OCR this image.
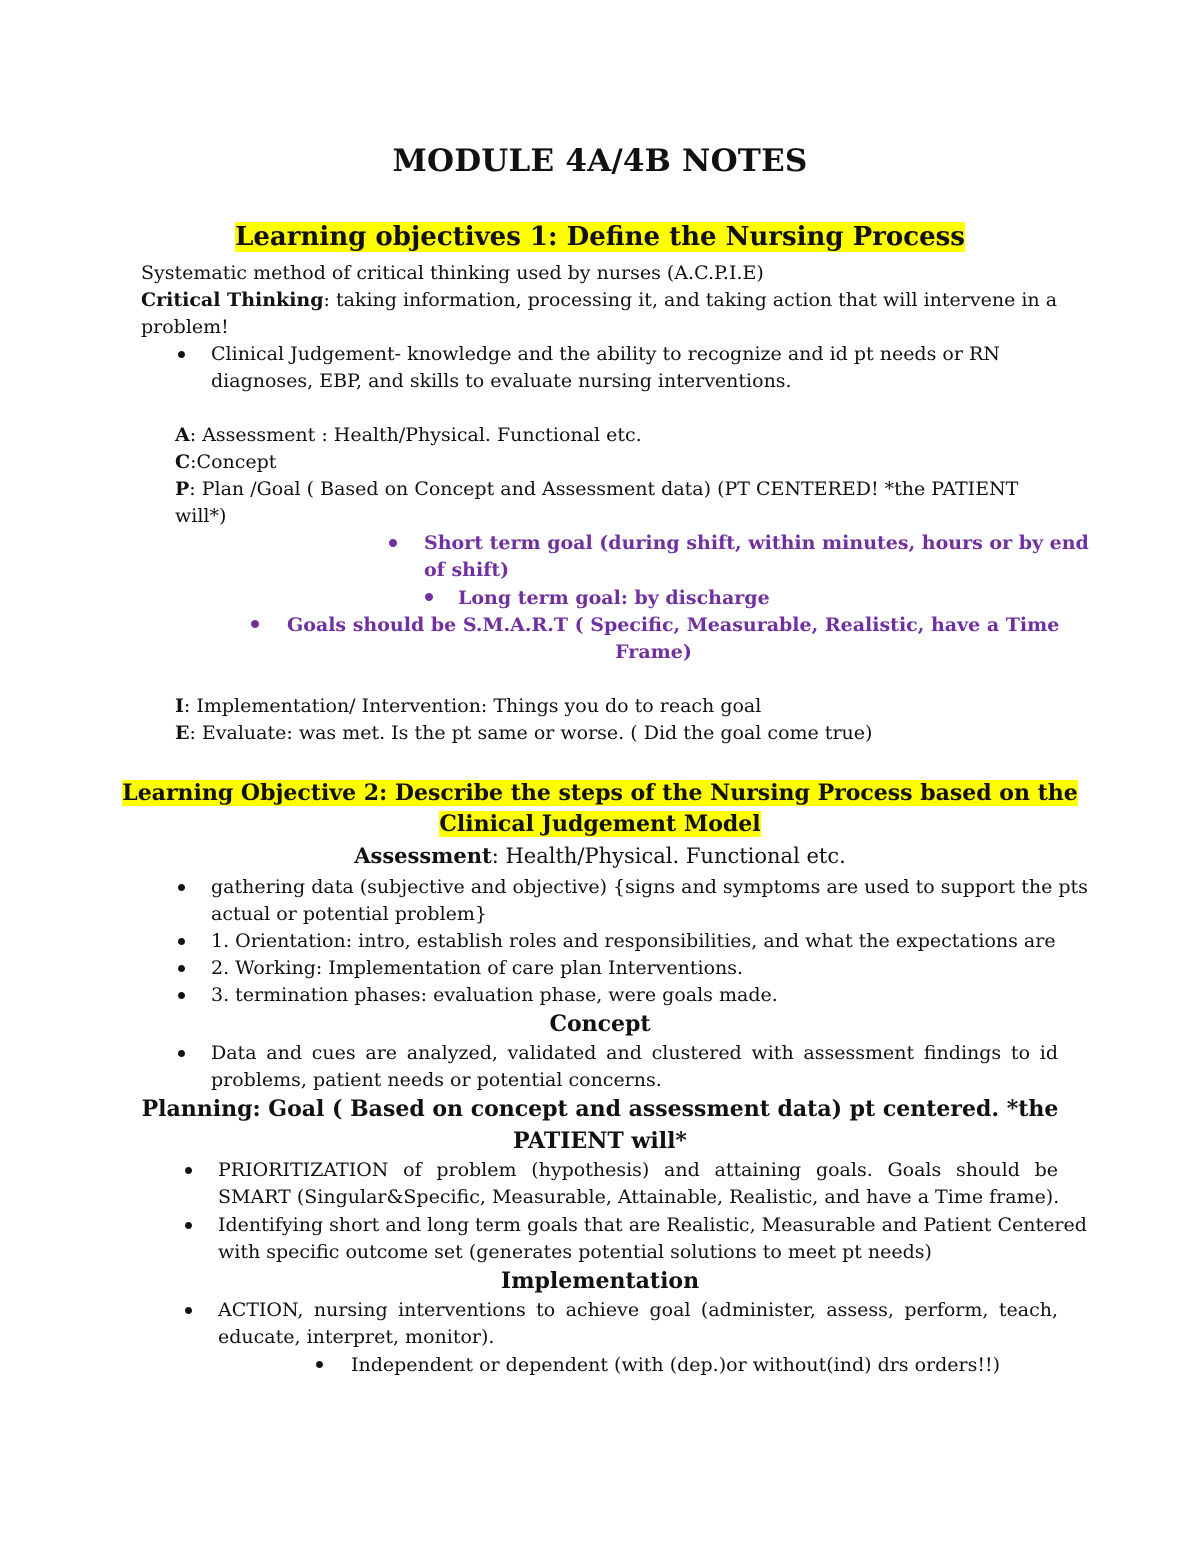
MODULE 4A/4B NOTES
Learning objectives 1: Define the Nursing Process
Systematic method of critical thinking used by nurses (A.C.P.I.E)
Critical Thinking: taking information, processing it, and taking action that will intervene in a
problem!
Clinical Judgement- knowledge and the ability to recognize and id pt needs or RN
diagnoses, EBP, and skills to evaluate nursing interventions.
A: Assessment : Health/Physical. Functional etc.
C:Concept
P: Plan /Goal ( Based on Concept and Assessment data) (PT CENTERED! *the PATIENT
will*)
Short term goal (during shift, within minutes, hours or by end
of shift)
Long term goal: by discharge
Goals should be S.M.A.R.T ( Specific, Measurable, Realistic, have a Time
Frame)
I: Implementation/ Intervention: Things you do to reach goal
E: Evaluate: was met. Is the pt same or worse. ( Did the goal come true)
Learning Objective 2: Describe the steps of the Nursing Process based on the
Clinical Judgement Model
Assessment: Health/Physical. Functional etc.
gathering data (subjective and objective) {signs and symptoms are used to support the pts
actual or potential problem}
1. Orientation: intro, establish roles and responsibilities, and what the expectations are
2. Working: Implementation of care plan Interventions.
3. termination phases: evaluation phase, were goals made.
Concept
Data and cues are analyzed, validated and clustered with assessment findings to id
problems, patient needs or potential concerns.
Planning: Goal ( Based on concept and assessment data) pt centered. *the
PATIENT will*
PRIORITIZATION of problem (hypothesis) and attaining goals. Goals should be
SMART (Singular&Specific, Measurable, Attainable, Realistic, and have a Time frame).
Identifying short and long term goals that are Realistic, Measurable and Patient Centered
with specific outcome set (generates potential solutions to meet pt needs)
Implementation
ACTION, nursing interventions to achieve goal (administer, assess, perform, teach,
educate, interpret, monitor).
Independent or dependent (with (dep.)or without(ind) drs orders!!)
